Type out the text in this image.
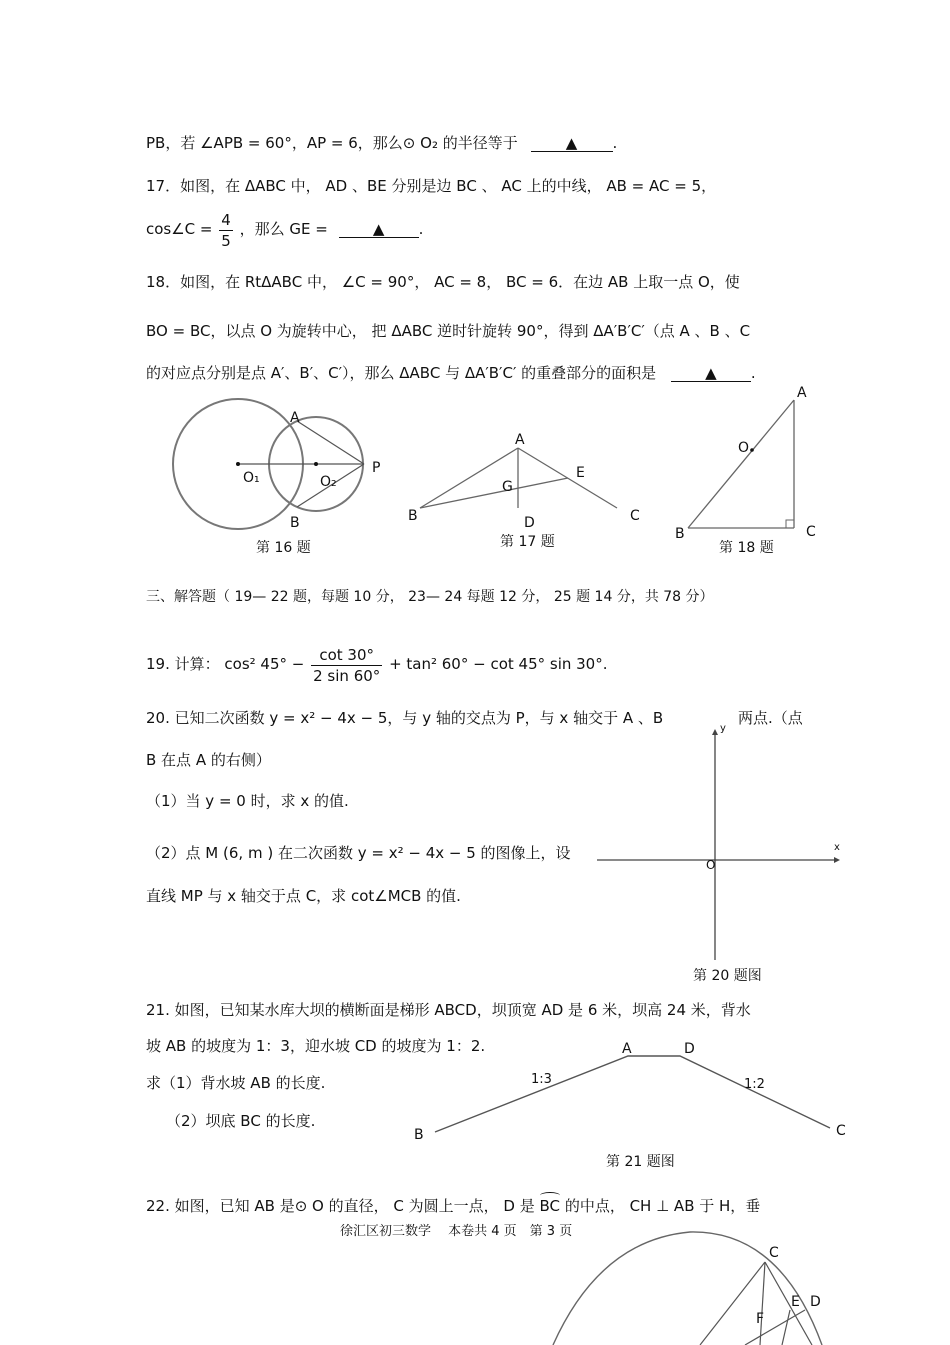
PB，若 ∠APB = 60°，AP = 6，那么⊙ O₂ 的半径等于	▲ .
17．如图，在 ΔABC 中， AD 、BE 分别是边 BC 、 AC 上的中线， AB = AC = 5，
cos∠C = $\frac{4}{5}$ ，那么 GE =	▲ .
18．如图，在 RtΔABC 中， ∠C = 90°， AC = 8， BC = 6．在边 AB 上取一点 O，使
BO = BC，以点 O 为旋转中心， 把 ΔABC 逆时针旋转 90°，得到 ΔA′B′C′（点 A 、B 、C
的对应点分别是点 A′、B′、C′），那么 ΔABC 与 ΔA′B′C′ 的重叠部分的面积是	▲ .
A
P
O₁	O₂
B
第 16 题
A
E
G
B	D	C
第 17 题
A
O
B	C
第 18 题
三、解答题（ 19— 22 题，每题 10 分， 23— 24 每题 12 分， 25 题 14 分，共 78 分）
19. 计算： cos² $45^\circ - \frac{\cot 30^\circ}{2 \sin 60^\circ} + \tan^2$ 60° − cot 45° sin 30°.
20. 已知二次函数 y = x² − 4x − 5，与 y 轴的交点为 P，与 x 轴交于 A 、B	两点.（点
B 在点 A 的右侧）
（1）当 y = 0 时，求 x 的值.
（2）点 M (6, m ) 在二次函数 y = x² − 4x − 5 的图像上，设
直线 MP 与 x 轴交于点 C，求 cot∠MCB 的值.
x
y
O
第 20 题图
21. 如图，已知某水库大坝的横断面是梯形 ABCD，坝顶宽 AD 是 6 米，坝高 24 米，背水
坡 AB 的坡度为 1：3，迎水坡 CD 的坡度为 1：2.
求（1）背水坡 AB 的长度.
（2）坝底 BC 的长度.
A	D
B	C
1:3	1:2
第 21 题图
22. 如图，已知 AB 是⊙ O 的直径， C 为圆上一点， D 是 BC 的中点， CH ⊥ AB 于 H，垂
徐汇区初三数学　 本卷共 4 页　第 3 页
C
E D
F
